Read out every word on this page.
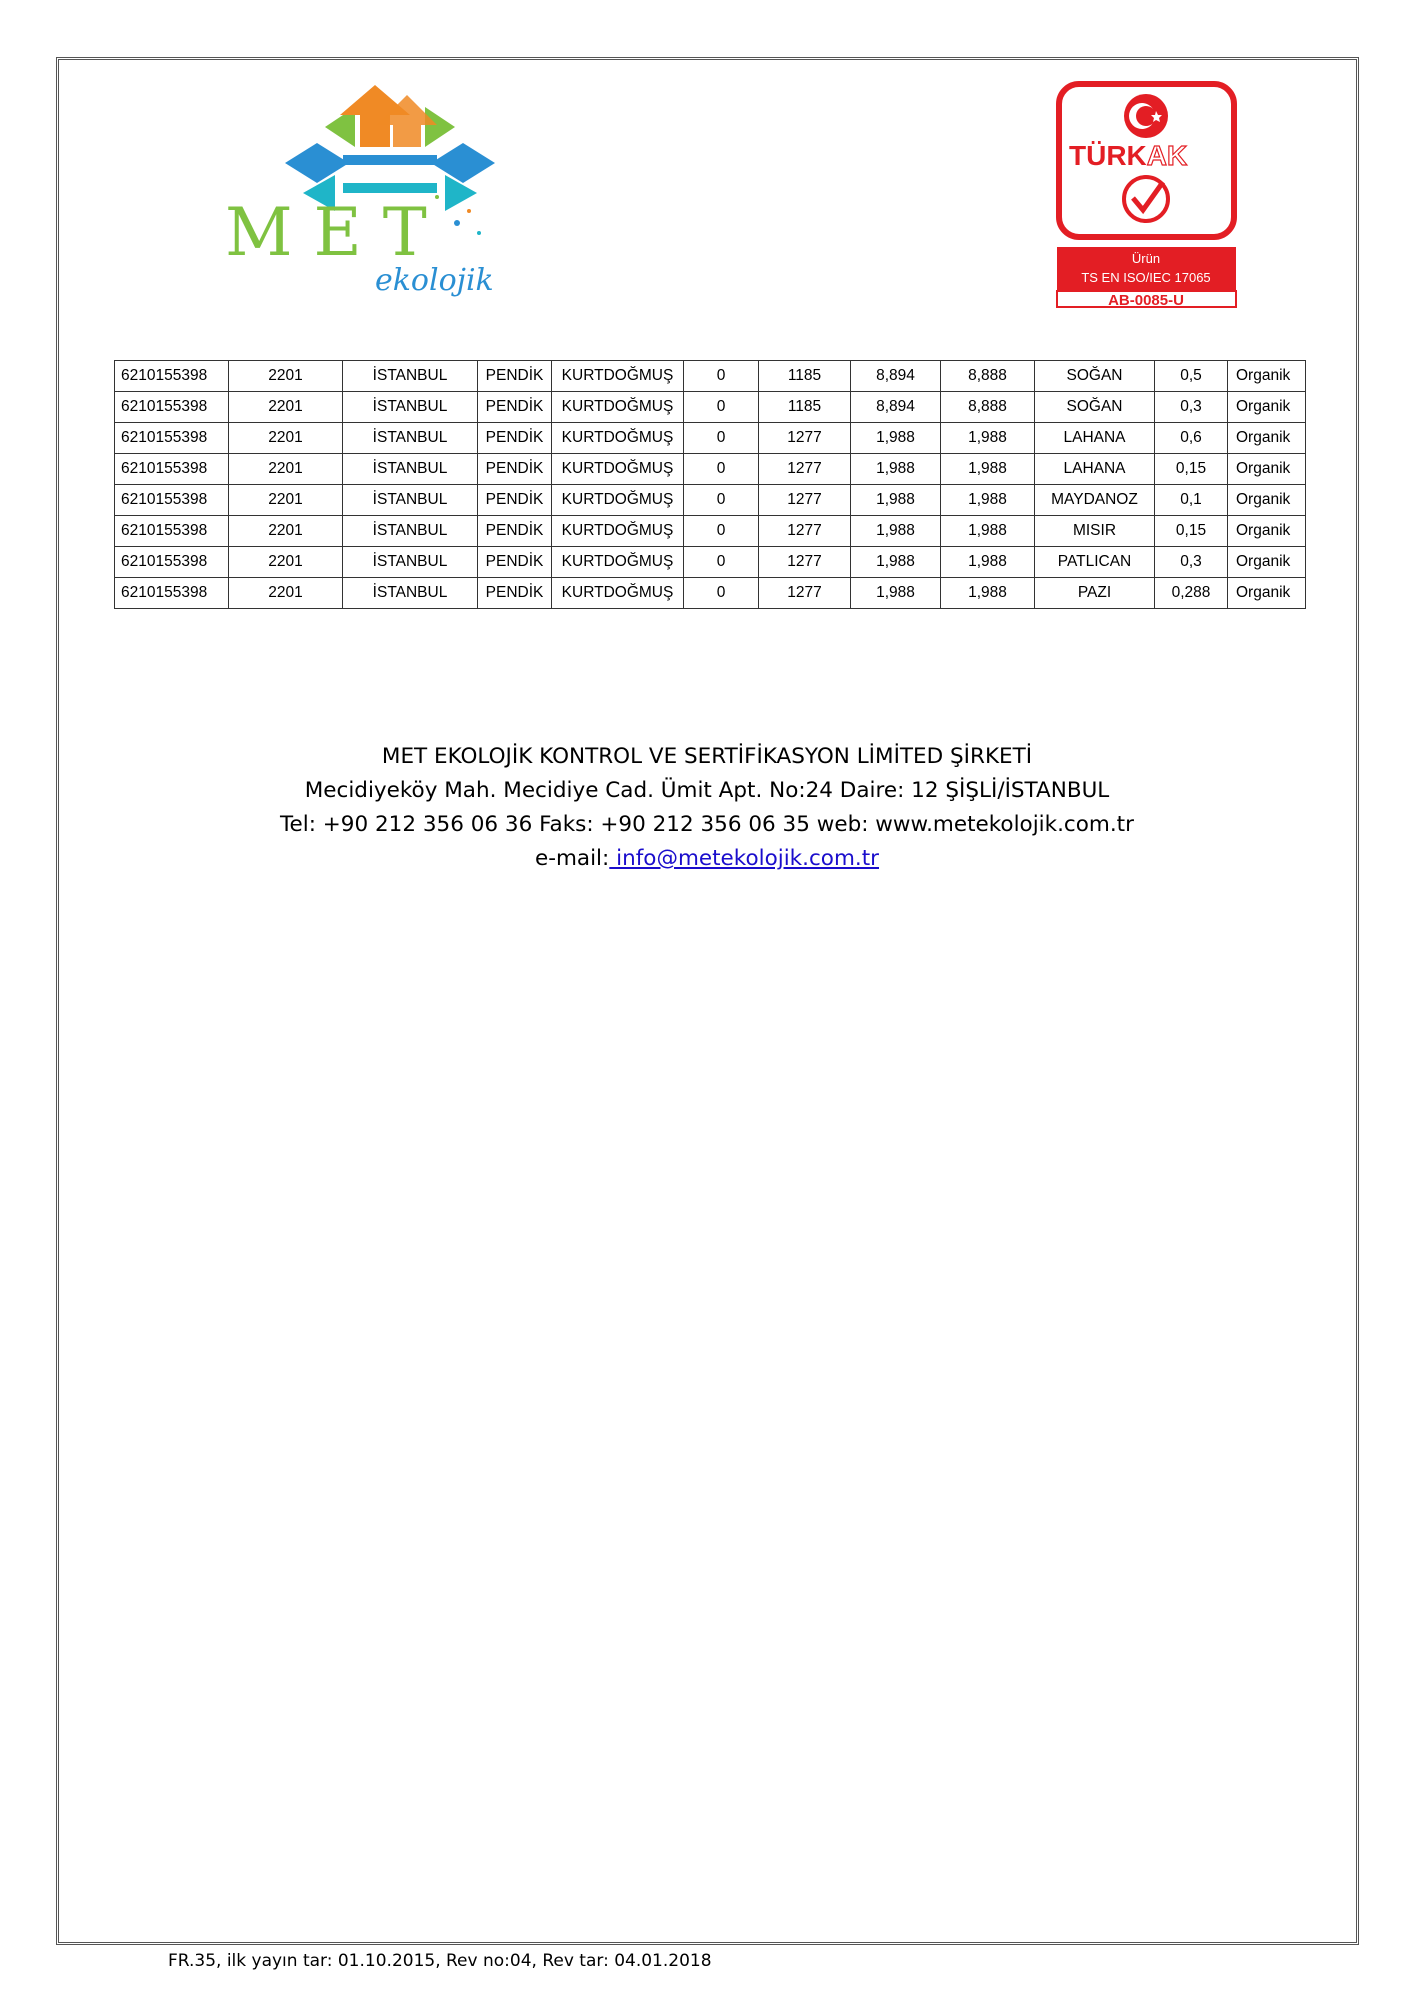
M E T
ekolojik
TÜRKAK
Ürün
TS EN ISO/IEC 17065
AB-0085-U
6210155398	2201	İSTANBUL	PENDİK	KURTDOĞMUŞ	0	1185	8,894	8,888	SOĞAN	0,5	Organik
6210155398	2201	İSTANBUL	PENDİK	KURTDOĞMUŞ	0	1185	8,894	8,888	SOĞAN	0,3	Organik
6210155398	2201	İSTANBUL	PENDİK	KURTDOĞMUŞ	0	1277	1,988	1,988	LAHANA	0,6	Organik
6210155398	2201	İSTANBUL	PENDİK	KURTDOĞMUŞ	0	1277	1,988	1,988	LAHANA	0,15	Organik
6210155398	2201	İSTANBUL	PENDİK	KURTDOĞMUŞ	0	1277	1,988	1,988	MAYDANOZ	0,1	Organik
6210155398	2201	İSTANBUL	PENDİK	KURTDOĞMUŞ	0	1277	1,988	1,988	MISIR	0,15	Organik
6210155398	2201	İSTANBUL	PENDİK	KURTDOĞMUŞ	0	1277	1,988	1,988	PATLICAN	0,3	Organik
6210155398	2201	İSTANBUL	PENDİK	KURTDOĞMUŞ	0	1277	1,988	1,988	PAZI	0,288	Organik
MET EKOLOJİK KONTROL VE SERTİFİKASYON LİMİTED ŞİRKETİ
Mecidiyeköy Mah. Mecidiye Cad. Ümit Apt. No:24 Daire: 12 ŞİŞLİ/İSTANBUL
Tel: +90 212 356 06 36 Faks: +90 212 356 06 35 web: www.metekolojik.com.tr
e-mail: info@metekolojik.com.tr
FR.35, ilk yayın tar: 01.10.2015, Rev no:04, Rev tar: 04.01.2018
